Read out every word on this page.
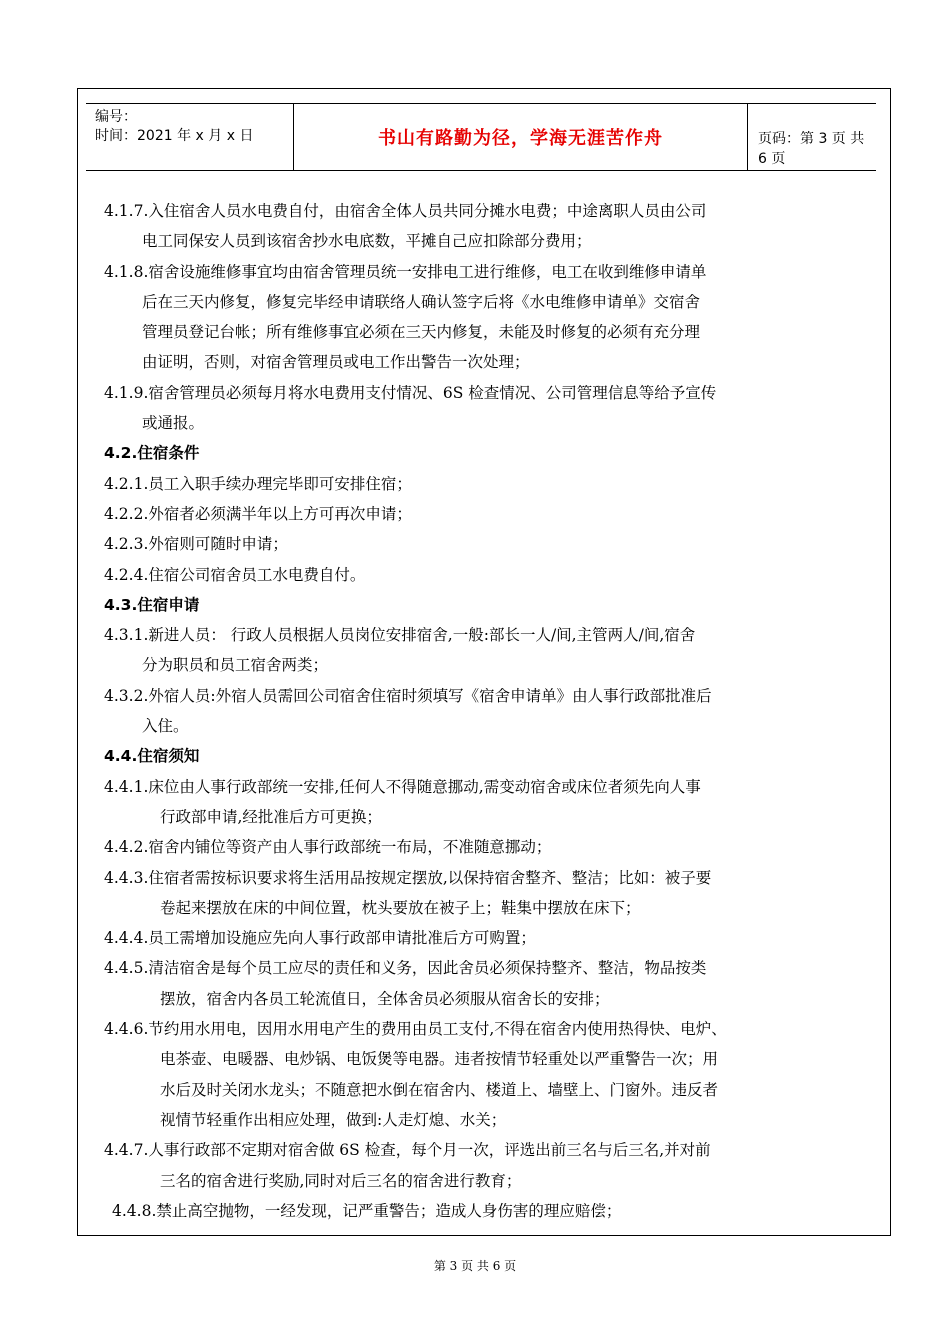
编号：
时间：2021 年 x 月 x 日	书山有路勤为径，学海无涯苦作舟	页码：第 3 页 共 6 页
4.1.7.入住宿舍人员水电费自付，由宿舍全体人员共同分摊水电费；中途离职人员由公司
电工同保安人员到该宿舍抄水电底数，平摊自己应扣除部分费用；
4.1.8.宿舍设施维修事宜均由宿舍管理员统一安排电工进行维修，电工在收到维修申请单
后在三天内修复，修复完毕经申请联络人确认签字后将《水电维修申请单》交宿舍
管理员登记台帐；所有维修事宜必须在三天内修复，未能及时修复的必须有充分理
由证明，否则，对宿舍管理员或电工作出警告一次处理；
4.1.9.宿舍管理员必须每月将水电费用支付情况、6S 检查情况、公司管理信息等给予宣传
或通报。
4.2.住宿条件
4.2.1.员工入职手续办理完毕即可安排住宿；
4.2.2.外宿者必须满半年以上方可再次申请；
4.2.3.外宿则可随时申请；
4.2.4.住宿公司宿舍员工水电费自付。
4.3.住宿申请
4.3.1.新进人员： 行政人员根据人员岗位安排宿舍,一般:部长一人/间,主管两人/间,宿舍
分为职员和员工宿舍两类；
4.3.2.外宿人员:外宿人员需回公司宿舍住宿时须填写《宿舍申请单》由人事行政部批准后
入住。
4.4.住宿须知
4.4.1.床位由人事行政部统一安排,任何人不得随意挪动,需变动宿舍或床位者须先向人事
行政部申请,经批准后方可更换；
4.4.2.宿舍内铺位等资产由人事行政部统一布局，不准随意挪动；
4.4.3.住宿者需按标识要求将生活用品按规定摆放,以保持宿舍整齐、整洁；比如：被子要
卷起来摆放在床的中间位置，枕头要放在被子上；鞋集中摆放在床下；
4.4.4.员工需增加设施应先向人事行政部申请批准后方可购置；
4.4.5.清洁宿舍是每个员工应尽的责任和义务，因此舍员必须保持整齐、整洁，物品按类
摆放，宿舍内各员工轮流值日，全体舍员必须服从宿舍长的安排；
4.4.6.节约用水用电，因用水用电产生的费用由员工支付,不得在宿舍内使用热得快、电炉、
电茶壶、电暖器、电炒锅、电饭煲等电器。违者按情节轻重处以严重警告一次；用
水后及时关闭水龙头；不随意把水倒在宿舍内、楼道上、墙壁上、门窗外。违反者
视情节轻重作出相应处理，做到:人走灯熄、水关；
4.4.7.人事行政部不定期对宿舍做 6S 检查，每个月一次，评选出前三名与后三名,并对前
三名的宿舍进行奖励,同时对后三名的宿舍进行教育；
4.4.8.禁止高空抛物，一经发现，记严重警告；造成人身伤害的理应赔偿；
第 3 页 共 6 页
